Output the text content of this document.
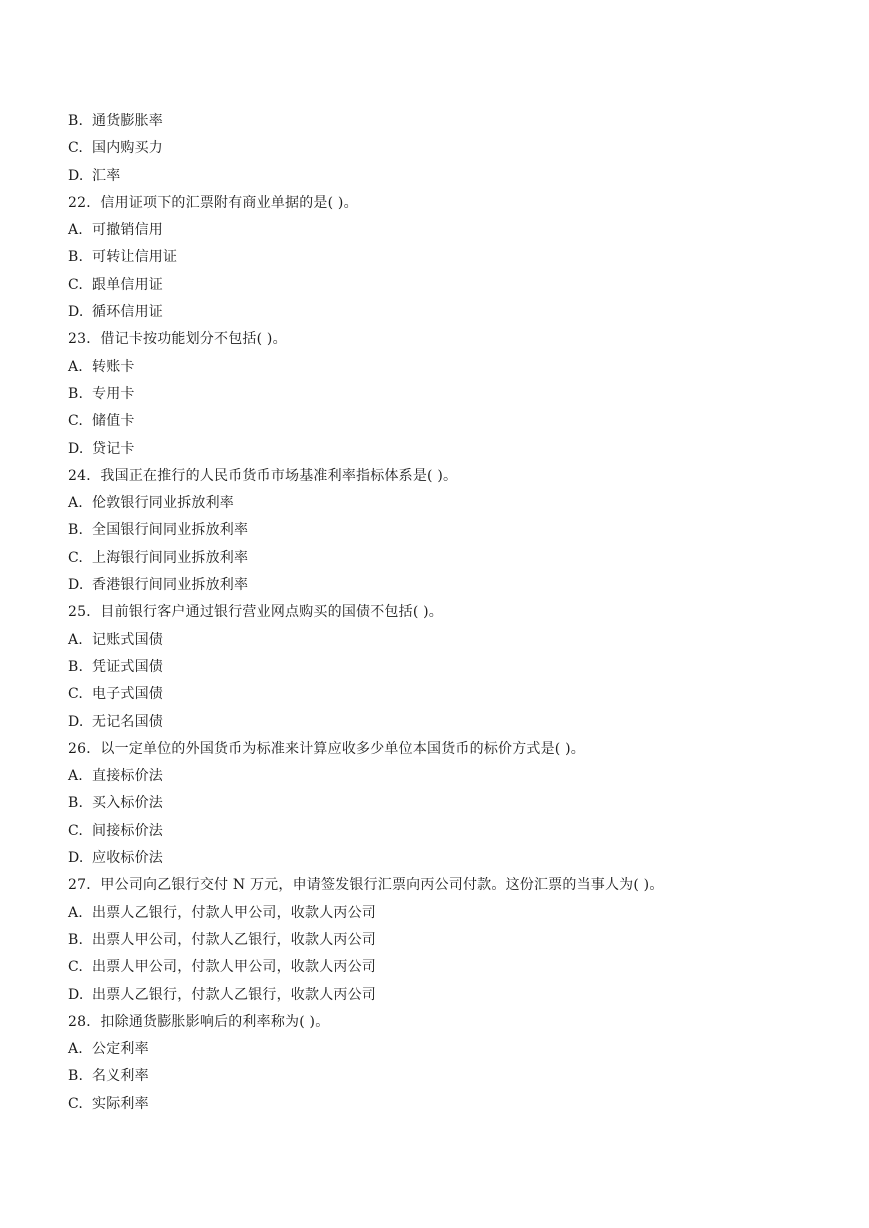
B. 通货膨胀率
C. 国内购买力
D. 汇率
22．信用证项下的汇票附有商业单据的是( )。
A. 可撤销信用
B. 可转让信用证
C. 跟单信用证
D. 循环信用证
23．借记卡按功能划分不包括( )。
A. 转账卡
B. 专用卡
C. 储值卡
D. 贷记卡
24．我国正在推行的人民币货币市场基准利率指标体系是( )。
A. 伦敦银行同业拆放利率
B. 全国银行间同业拆放利率
C. 上海银行间同业拆放利率
D. 香港银行间同业拆放利率
25．目前银行客户通过银行营业网点购买的国债不包括( )。
A. 记账式国债
B. 凭证式国债
C. 电子式国债
D. 无记名国债
26．以一定单位的外国货币为标准来计算应收多少单位本国货币的标价方式是( )。
A. 直接标价法
B. 买入标价法
C. 间接标价法
D. 应收标价法
27．甲公司向乙银行交付 N 万元，申请签发银行汇票向丙公司付款。这份汇票的当事人为( )。
A. 出票人乙银行，付款人甲公司，收款人丙公司
B. 出票人甲公司，付款人乙银行，收款人丙公司
C. 出票人甲公司，付款人甲公司，收款人丙公司
D. 出票人乙银行，付款人乙银行，收款人丙公司
28．扣除通货膨胀影响后的利率称为( )。
A. 公定利率
B. 名义利率
C. 实际利率
